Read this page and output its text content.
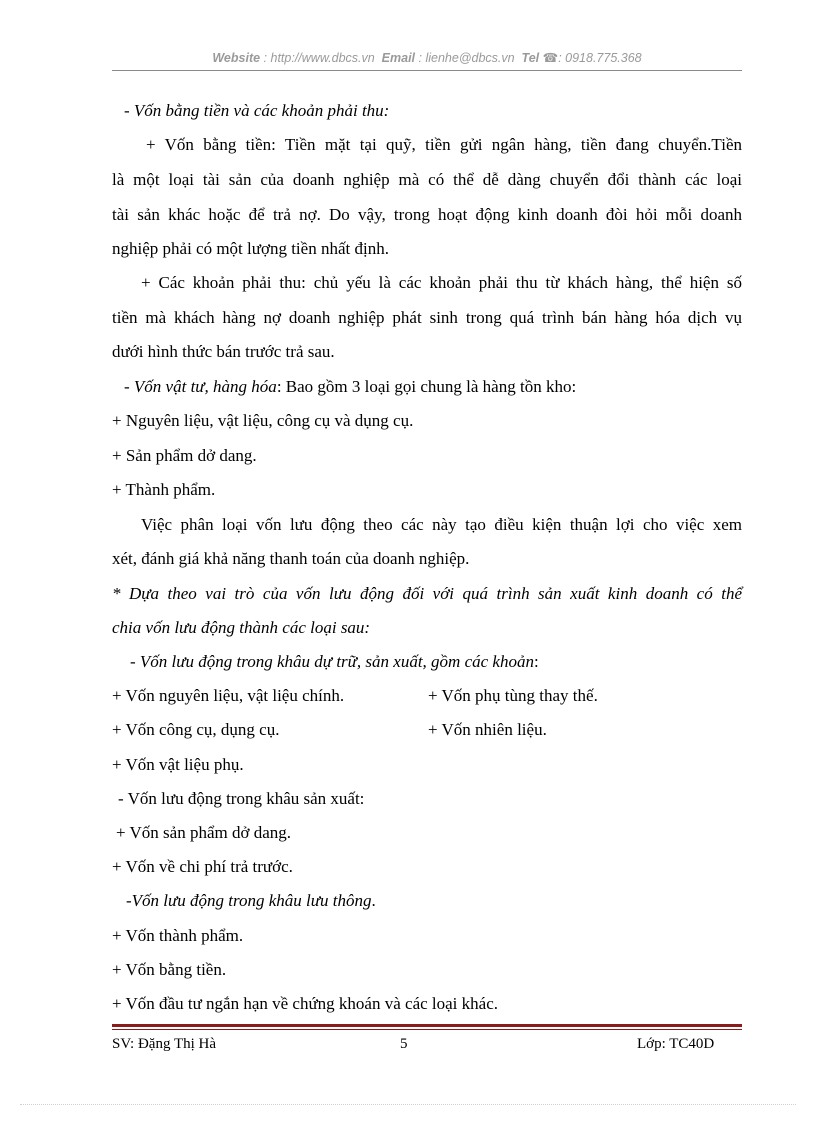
Website : http://www.dbcs.vn Email : lienhe@dbcs.vn Tel ☎: 0918.775.368
- Vốn bằng tiền và các khoản phải thu:
+ Vốn bằng tiền: Tiền mặt tại quỹ, tiền gửi ngân hàng, tiền đang chuyển.Tiền
là một loại tài sản của doanh nghiệp mà có thể dễ dàng chuyển đổi thành các loại
tài sản khác hoặc để trả nợ. Do vậy, trong hoạt động kinh doanh đòi hỏi mỗi doanh
nghiệp phải có một lượng tiền nhất định.
+ Các khoản phải thu: chủ yếu là các khoản phải thu từ khách hàng, thể hiện số
tiền mà khách hàng nợ doanh nghiệp phát sinh trong quá trình bán hàng hóa dịch vụ
dưới hình thức bán trước trả sau.
- Vốn vật tư, hàng hóa: Bao gồm 3 loại gọi chung là hàng tồn kho:
+ Nguyên liệu, vật liệu, công cụ và dụng cụ.
+ Sản phẩm dở dang.
+ Thành phẩm.
Việc phân loại vốn lưu động theo các này tạo điều kiện thuận lợi cho việc xem
xét, đánh giá khả năng thanh toán của doanh nghiệp.
* Dựa theo vai trò của vốn lưu động đối với quá trình sản xuất kinh doanh có thể
chia vốn lưu động thành các loại sau:
- Vốn lưu động trong khâu dự trữ, sản xuất, gồm các khoản:
+ Vốn nguyên liệu, vật liệu chính.	+ Vốn phụ tùng thay thế.
+ Vốn công cụ, dụng cụ.	+ Vốn nhiên liệu.
+ Vốn vật liệu phụ.
- Vốn lưu động trong khâu sản xuất:
+ Vốn sản phẩm dở dang.
+ Vốn về chi phí trả trước.
-Vốn lưu động trong khâu lưu thông.
+ Vốn thành phẩm.
+ Vốn bằng tiền.
+ Vốn đầu tư ngắn hạn về chứng khoán và các loại khác.
SV: Đặng Thị Hà	5	Lớp: TC40D
